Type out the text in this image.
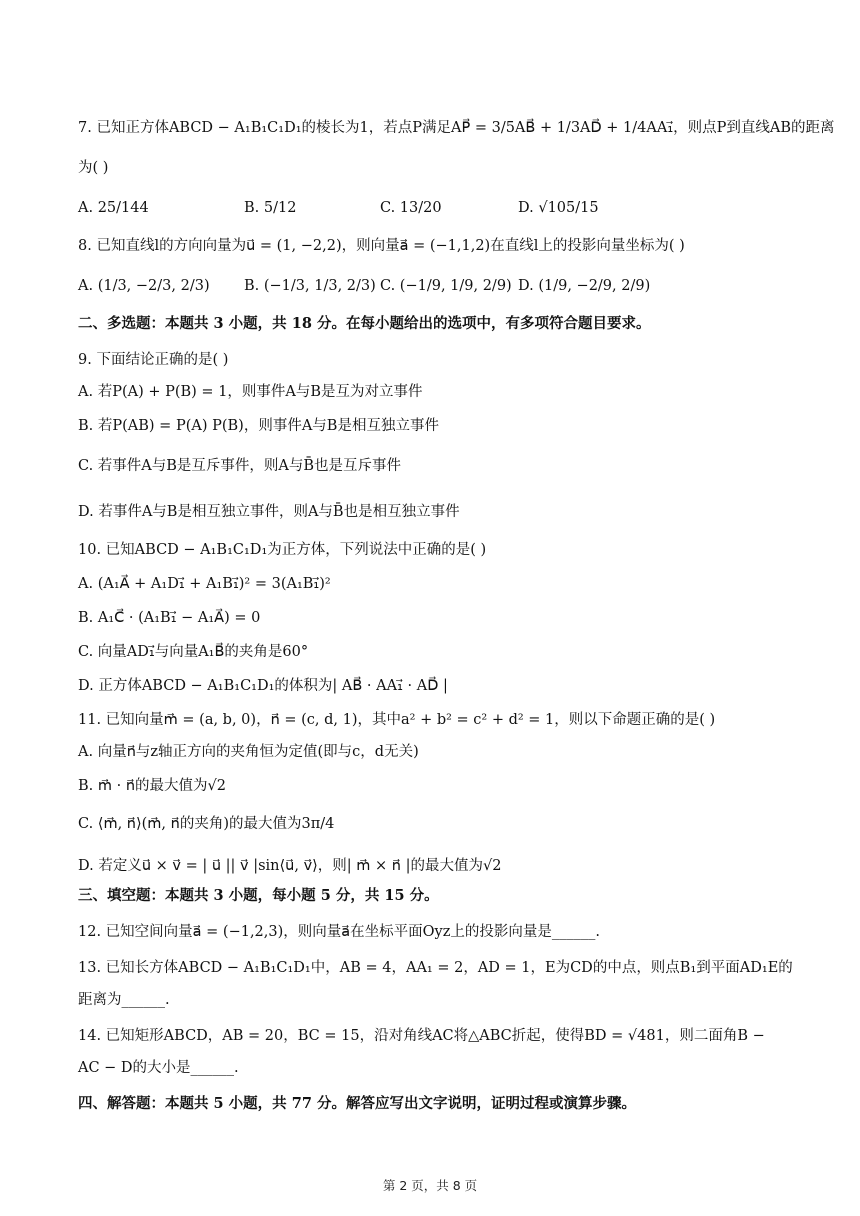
7. 已知正方体ABCD − A₁B₁C₁D₁的棱长为1，若点P满足AP⃗ = 3/5AB⃗ + 1/3AD⃗ + 1/4AA₁⃗，则点P到直线AB的距离
为( )
A. 25/144	B. 5/12	C. 13/20	D. √105/15
8. 已知直线l的方向向量为u⃗ = (1, −2,2)，则向量a⃗ = (−1,1,2)在直线l上的投影向量坐标为( )
A. (1/3, −2/3, 2/3) B. (−1/3, 1/3, 2/3) C. (−1/9, 1/9, 2/9) D. (1/9, −2/9, 2/9)
二、多选题：本题共 3 小题，共 18 分。在每小题给出的选项中，有多项符合题目要求。
9. 下面结论正确的是( )
A. 若P(A) + P(B) = 1，则事件A与B是互为对立事件
B. 若P(AB) = P(A) P(B)，则事件A与B是相互独立事件
C. 若事件A与B是互斥事件，则A与B̄也是互斥事件
D. 若事件A与B是相互独立事件，则A与B̄也是相互独立事件
10. 已知ABCD − A₁B₁C₁D₁为正方体，下列说法中正确的是( )
A. (A₁A⃗ + A₁D₁⃗ + A₁B₁⃗)² = 3(A₁B₁⃗)²
B. A₁C⃗ · (A₁B₁⃗ − A₁A⃗) = 0
C. 向量AD₁⃗与向量A₁B⃗的夹角是60°
D. 正方体ABCD − A₁B₁C₁D₁的体积为| AB⃗ · AA₁⃗ · AD⃗ |
11. 已知向量m⃗ = (a, b, 0)，n⃗ = (c, d, 1)，其中a² + b² = c² + d² = 1，则以下命题正确的是( )
A. 向量n⃗与z轴正方向的夹角恒为定值(即与c，d无关)
B. m⃗ · n⃗的最大值为√2
C. ⟨m⃗, n⃗⟩(m⃗, n⃗的夹角)的最大值为3π/4
D. 若定义u⃗ × v⃗ = | u⃗ || v⃗ |sin⟨u⃗, v⃗⟩，则| m⃗ × n⃗ |的最大值为√2
三、填空题：本题共 3 小题，每小题 5 分，共 15 分。
12. 已知空间向量a⃗ = (−1,2,3)，则向量a⃗在坐标平面Oyz上的投影向量是______.
13. 已知长方体ABCD − A₁B₁C₁D₁中，AB = 4，AA₁ = 2，AD = 1，E为CD的中点，则点B₁到平面AD₁E的
距离为______.
14. 已知矩形ABCD，AB = 20，BC = 15，沿对角线AC将△ABC折起，使得BD = √481，则二面角B −
AC − D的大小是______.
四、解答题：本题共 5 小题，共 77 分。解答应写出文字说明，证明过程或演算步骤。
第 2 页，共 8 页
